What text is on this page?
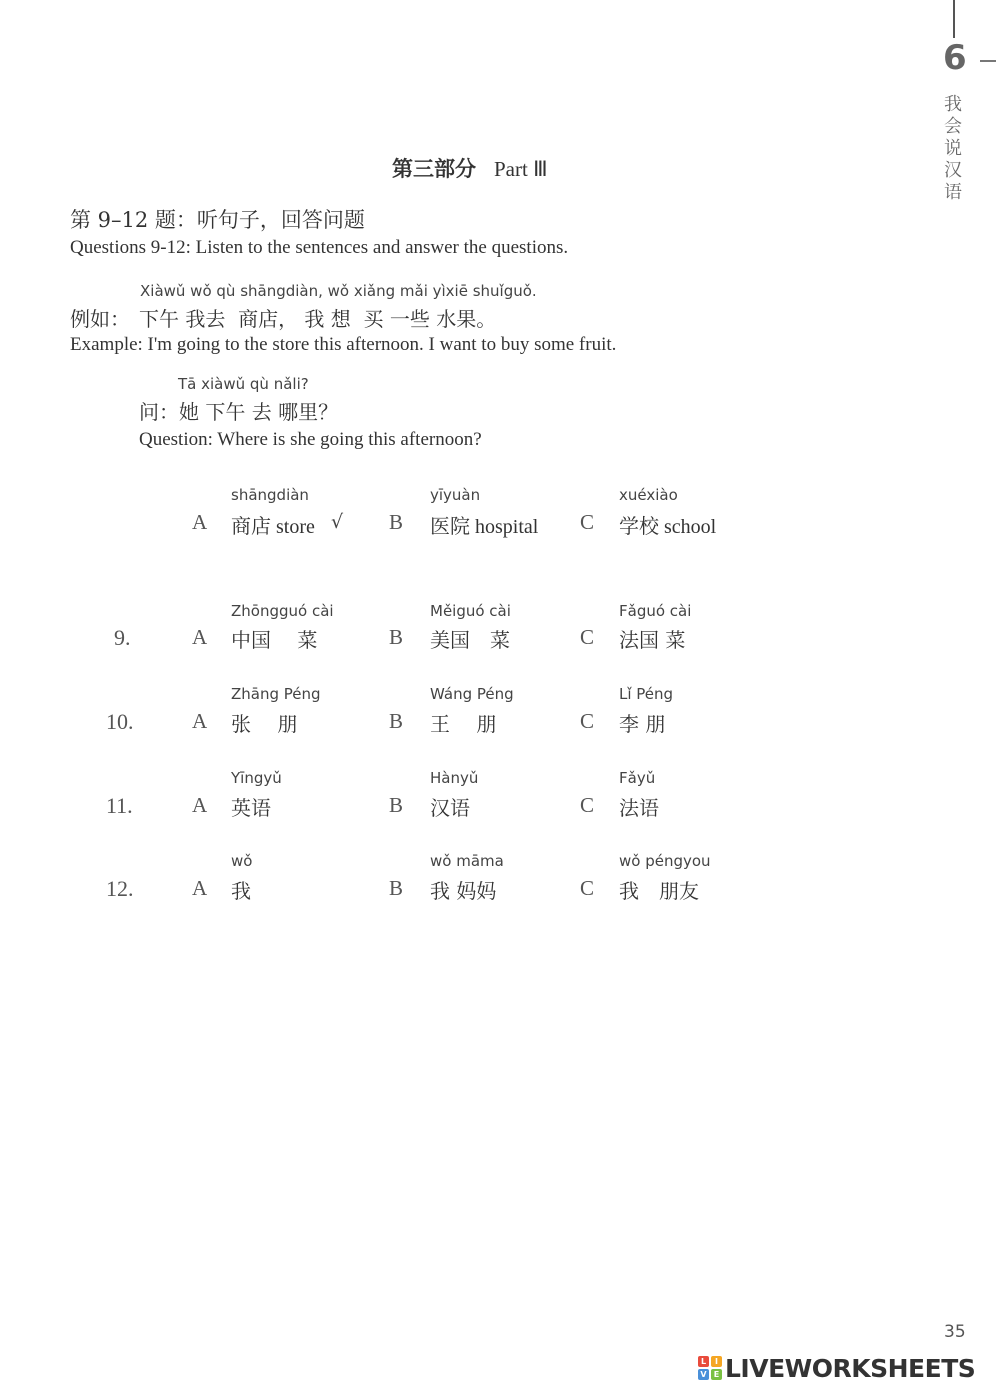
6
我会说汉语
第三部分 Part Ⅲ
第 9–12 题：听句子，回答问题
Questions 9-12: Listen to the sentences and answer the questions.
Xiàwǔ wǒ qù shāngdiàn, wǒ xiǎng mǎi yìxiē shuǐguǒ.
例如： 下午 我去  商店， 我 想  买 一些 水果。
Example: I'm going to the store this afternoon. I want to buy some fruit.
Tā xiàwǔ qù nǎli?
问：她 下午 去 哪里？
Question: Where is she going this afternoon?
shāngdiàn
A 商店 store √
yīyuàn
B 医院 hospital
xuéxiào
C 学校 school
9.
Zhōngguó cài
A 中国　 菜
Měiguó cài
B 美国　菜
Fǎguó cài
C 法国 菜
10.
Zhāng Péng
A 张　 朋
Wáng Péng
B 王　 朋
Lǐ Péng
C 李 朋
11.
Yīngyǔ
A 英语
Hànyǔ
B 汉语
Fǎyǔ
C 法语
12.
wǒ
A 我
wǒ māma
B 我 妈妈
wǒ péngyou
C 我　朋友
35
L	I
V E LIVEWORKSHEETS
